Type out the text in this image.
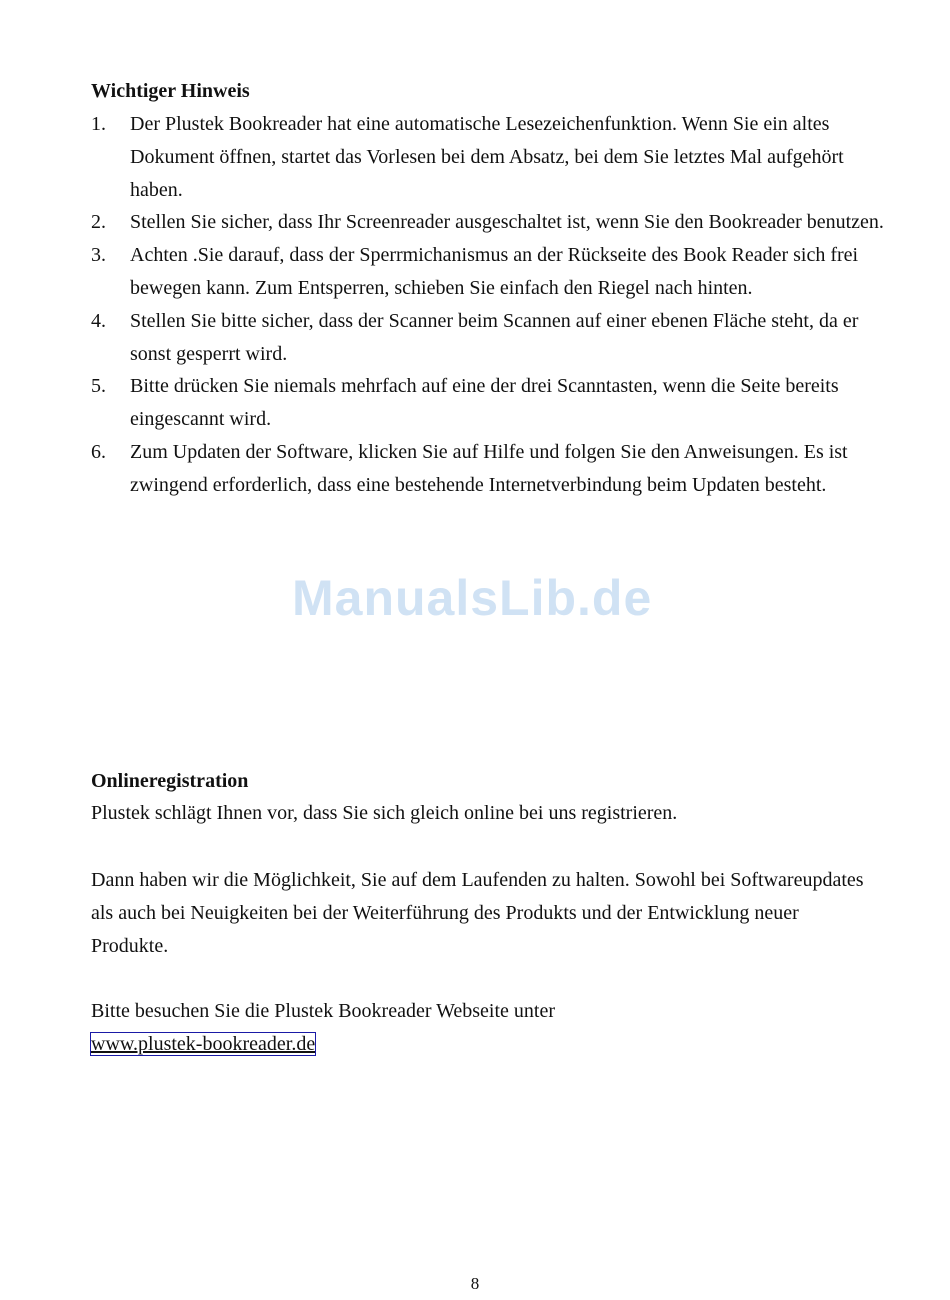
Wichtiger Hinweis
1. Der Plustek Bookreader hat eine automatische Lesezeichenfunktion. Wenn Sie ein altes Dokument öffnen, startet das Vorlesen bei dem Absatz, bei dem Sie letztes Mal aufgehört haben.
2. Stellen Sie sicher, dass Ihr Screenreader ausgeschaltet ist, wenn Sie den Bookreader benutzen.
3. Achten .Sie darauf, dass der Sperrmichanismus an der Rückseite des Book Reader sich frei bewegen kann. Zum Entsperren, schieben Sie einfach den Riegel nach hinten.
4. Stellen Sie bitte sicher, dass der Scanner beim Scannen auf einer ebenen Fläche steht, da er sonst gesperrt wird.
5. Bitte drücken Sie niemals mehrfach auf eine der drei Scanntasten, wenn die Seite bereits eingescannt wird.
6. Zum Updaten der Software, klicken Sie auf Hilfe und folgen Sie den Anweisungen. Es ist zwingend erforderlich, dass eine bestehende Internetverbindung beim Updaten besteht.
ManualsLib.de
Onlineregistration

Plustek schlägt Ihnen vor, dass Sie sich gleich online bei uns registrieren.

Dann haben wir die Möglichkeit, Sie auf dem Laufenden zu halten. Sowohl bei Softwareupdates als auch bei Neuigkeiten bei der Weiterführung des Produkts und der Entwicklung neuer Produkte.

Bitte besuchen Sie die Plustek Bookreader Webseite unter
www.plustek-bookreader.de

8
